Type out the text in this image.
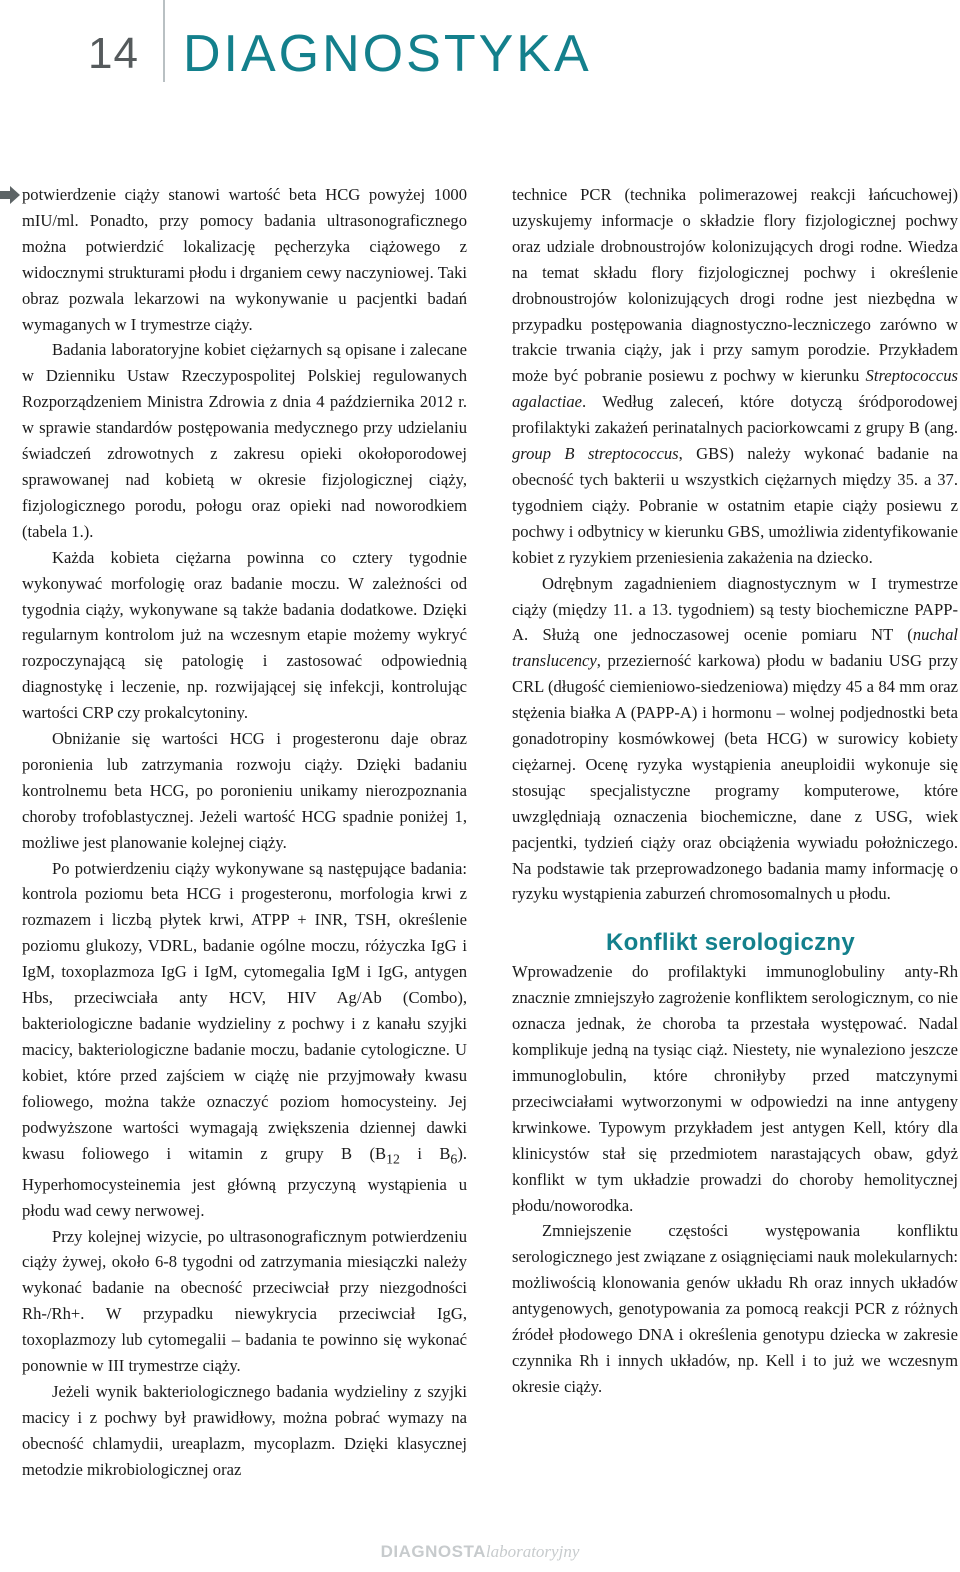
14 DIAGNOSTYKA

potwierdzenie ciąży stanowi wartość beta HCG powyżej 1000 mIU/ml. Ponadto, przy pomocy badania ultrasonograficznego można potwierdzić lokalizację pęcherzyka ciążowego z widocznymi strukturami płodu i drganiem cewy naczyniowej. Taki obraz pozwala lekarzowi na wykonywanie u pacjentki badań wymaganych w I trymestrze ciąży.

Badania laboratoryjne kobiet ciężarnych są opisane i zalecane w Dzienniku Ustaw Rzeczypospolitej Polskiej regulowanych Rozporządzeniem Ministra Zdrowia z dnia 4 października 2012 r. w sprawie standardów postępowania medycznego przy udzielaniu świadczeń zdrowotnych z zakresu opieki okołoporodowej sprawowanej nad kobietą w okresie fizjologicznej ciąży, fizjologicznego porodu, połogu oraz opieki nad noworodkiem (tabela 1.).

Każda kobieta ciężarna powinna co cztery tygodnie wykonywać morfologię oraz badanie moczu. W zależności od tygodnia ciąży, wykonywane są także badania dodatkowe. Dzięki regularnym kontrolom już na wczesnym etapie możemy wykryć rozpoczynającą się patologię i zastosować odpowiednią diagnostykę i leczenie, np. rozwijającej się infekcji, kontrolując wartości CRP czy prokalcytoniny.

Obniżanie się wartości HCG i progesteronu daje obraz poronienia lub zatrzymania rozwoju ciąży. Dzięki badaniu kontrolnemu beta HCG, po poronieniu unikamy nierozpoznania choroby trofoblastycznej. Jeżeli wartość HCG spadnie poniżej 1, możliwe jest planowanie kolejnej ciąży.

Po potwierdzeniu ciąży wykonywane są następujące badania: kontrola poziomu beta HCG i progesteronu, morfologia krwi z rozmazem i liczbą płytek krwi, ATPP + INR, TSH, określenie poziomu glukozy, VDRL, badanie ogólne moczu, różyczka IgG i IgM, toxoplazmoza IgG i IgM, cytomegalia IgM i IgG, antygen Hbs, przeciwciała anty HCV, HIV Ag/Ab (Combo), bakteriologiczne badanie wydzieliny z pochwy i z kanału szyjki macicy, bakteriologiczne badanie moczu, badanie cytologiczne. U kobiet, które przed zajściem w ciążę nie przyjmowały kwasu foliowego, można także oznaczyć poziom homocysteiny. Jej podwyższone wartości wymagają zwiększenia dziennej dawki kwasu foliowego i witamin z grupy B ($B_{12}$ i $B_6$). Hyperhomocysteinemia jest główną przyczyną wystąpienia u płodu wad cewy nerwowej.

Przy kolejnej wizycie, po ultrasonograficznym potwierdzeniu ciąży żywej, około 6-8 tygodni od zatrzymania miesiączki należy wykonać badanie na obecność przeciwciał przy niezgodności Rh-/Rh+. W przypadku niewykrycia przeciwciał IgG, toxoplazmozy lub cytomegalii – badania te powinno się wykonać ponownie w III trymestrze ciąży.

Jeżeli wynik bakteriologicznego badania wydzieliny z szyjki macicy i z pochwy był prawidłowy, można pobrać wymazy na obecność chlamydii, ureaplazm, mycoplazm. Dzięki klasycznej metodzie mikrobiologicznej oraz

technice PCR (technika polimerazowej reakcji łańcuchowej) uzyskujemy informacje o składzie flory fizjologicznej pochwy oraz udziale drobnoustrojów kolonizujących drogi rodne. Wiedza na temat składu flory fizjologicznej pochwy i określenie drobnoustrojów kolonizujących drogi rodne jest niezbędna w przypadku postępowania diagnostyczno-leczniczego zarówno w trakcie trwania ciąży, jak i przy samym porodzie. Przykładem może być pobranie posiewu z pochwy w kierunku Streptococcus agalactiae. Według zaleceń, które dotyczą śródporodowej profilaktyki zakażeń perinatalnych paciorkowcami z grupy B (ang. group B streptococcus, GBS) należy wykonać badanie na obecność tych bakterii u wszystkich ciężarnych między 35. a 37. tygodniem ciąży. Pobranie w ostatnim etapie ciąży posiewu z pochwy i odbytnicy w kierunku GBS, umożliwia zidentyfikowanie kobiet z ryzykiem przeniesienia zakażenia na dziecko.

Odrębnym zagadnieniem diagnostycznym w I trymestrze ciąży (między 11. a 13. tygodniem) są testy biochemiczne PAPP-A. Służą one jednoczasowej ocenie pomiaru NT (nuchal translucency, przezierność karkowa) płodu w badaniu USG przy CRL (długość ciemieniowo-siedzeniowa) między 45 a 84 mm oraz stężenia białka A (PAPP-A) i hormonu – wolnej podjednostki beta gonadotropiny kosmówkowej (beta HCG) w surowicy kobiety ciężarnej. Ocenę ryzyka wystąpienia aneuploidii wykonuje się stosując specjalistyczne programy komputerowe, które uwzględniają oznaczenia biochemiczne, dane z USG, wiek pacjentki, tydzień ciąży oraz obciążenia wywiadu położniczego. Na podstawie tak przeprowadzonego badania mamy informację o ryzyku wystąpienia zaburzeń chromosomalnych u płodu.

Konflikt serologiczny

Wprowadzenie do profilaktyki immunoglobuliny anty-Rh znacznie zmniejszyło zagrożenie konfliktem serologicznym, co nie oznacza jednak, że choroba ta przestała występować. Nadal komplikuje jedną na tysiąc ciąż. Niestety, nie wynaleziono jeszcze immunoglobulin, które chroniłyby przed matczynymi przeciwciałami wytworzonymi w odpowiedzi na inne antygeny krwinkowe. Typowym przykładem jest antygen Kell, który dla klinicystów stał się przedmiotem narastających obaw, gdyż konflikt w tym układzie prowadzi do choroby hemolitycznej płodu/noworodka.

Zmniejszenie częstości występowania konfliktu serologicznego jest związane z osiągnięciami nauk molekularnych: możliwością klonowania genów układu Rh oraz innych układów antygenowych, genotypowania za pomocą reakcji PCR z różnych źródeł płodowego DNA i określenia genotypu dziecka w zakresie czynnika Rh i innych układów, np. Kell i to już we wczesnym okresie ciąży.

DIAGNOSTAlaboratoryjny
